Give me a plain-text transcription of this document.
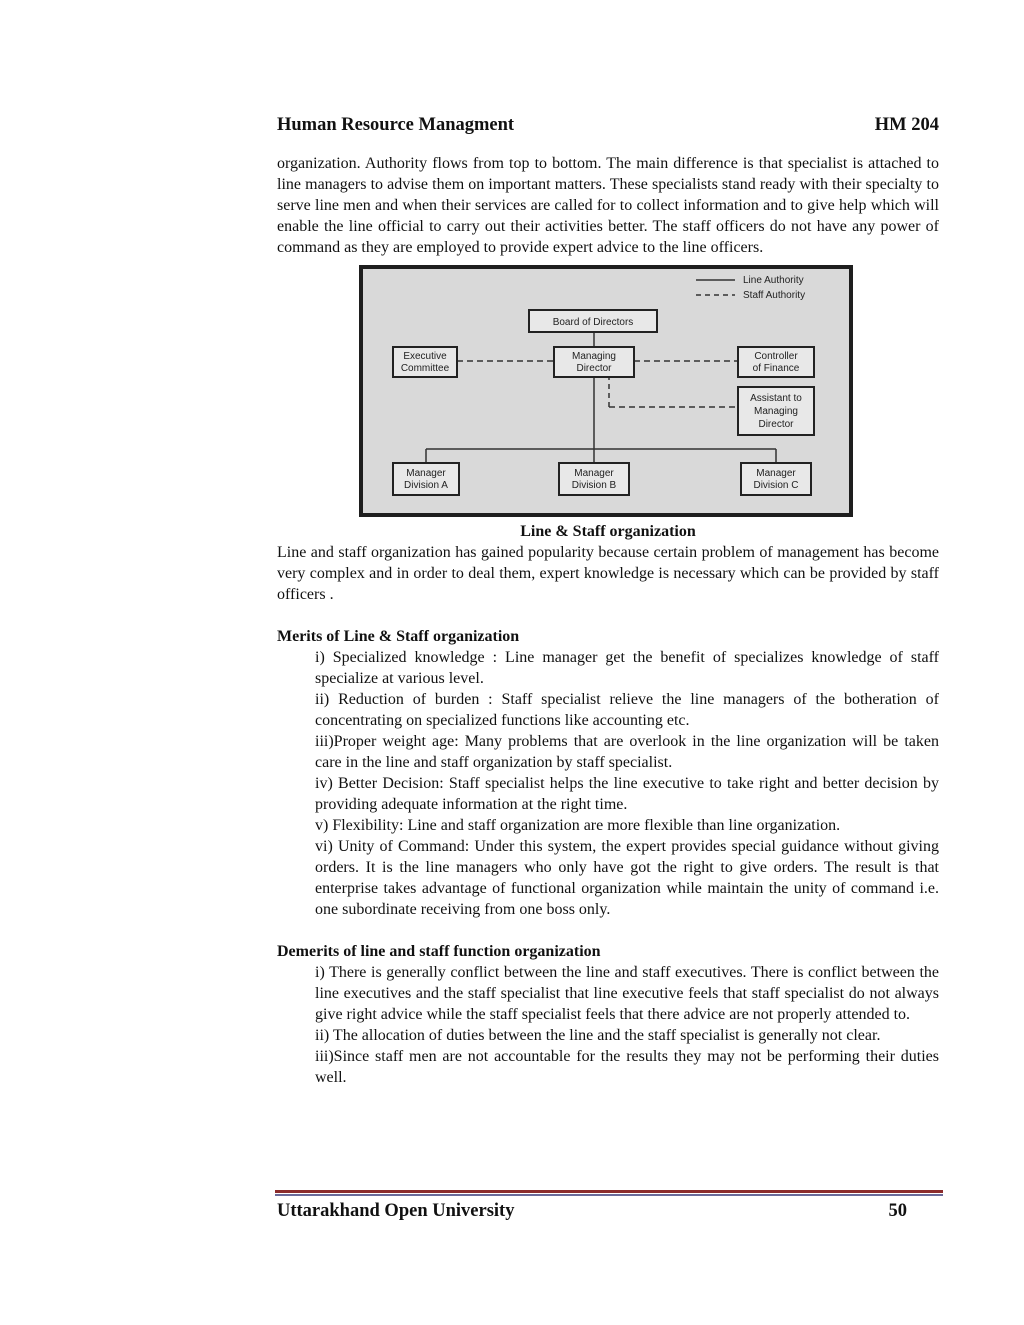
Human Resource Managment	HM 204

organization. Authority flows from top to bottom. The main difference is that specialist is attached to line managers to advise them on important matters. These specialists stand ready with their specialty to serve line men and when their services are called for to collect information and to give help which will enable the line official to carry out their activities better. The staff officers do not have any power of command as they are employed to provide expert advice to the line officers.

Line Authority
Staff Authority
Board of Directors
Executive
Committee
Managing
Director
Controller
of Finance
Assistant to
Managing
Director
Manager
Division A
Manager
Division B
Manager
Division C
Line & Staff organization

Line and staff organization has gained popularity because certain problem of management has become very complex and in order to deal them, expert knowledge is necessary which can be provided by staff officers .

Merits of Line & Staff organization
i) Specialized knowledge : Line manager get the benefit of specializes knowledge of staff specialize at various level.
ii) Reduction of burden : Staff specialist relieve the line managers of the botheration of concentrating on specialized functions like accounting etc.
iii)Proper weight age: Many problems that are overlook in the line organization will be taken care in the line and staff organization by staff specialist.
iv) Better Decision: Staff specialist helps the line executive to take right and better decision by providing adequate information at the right time.
v) Flexibility: Line and staff organization are more flexible than line organization.
vi) Unity of Command: Under this system, the expert provides special guidance without giving orders. It is the line managers who only have got the right to give orders. The result is that enterprise takes advantage of functional organization while maintain the unity of command i.e. one subordinate receiving from one boss only.
Demerits of line and staff function organization
i) There is generally conflict between the line and staff executives. There is conflict between the line executives and the staff specialist that line executive feels that staff specialist do not always give right advice while the staff specialist feels that there advice are not properly attended to.
ii) The allocation of duties between the line and the staff specialist is generally not clear.
iii)Since staff men are not accountable for the results they may not be performing their duties well.
Uttarakhand Open University	50
